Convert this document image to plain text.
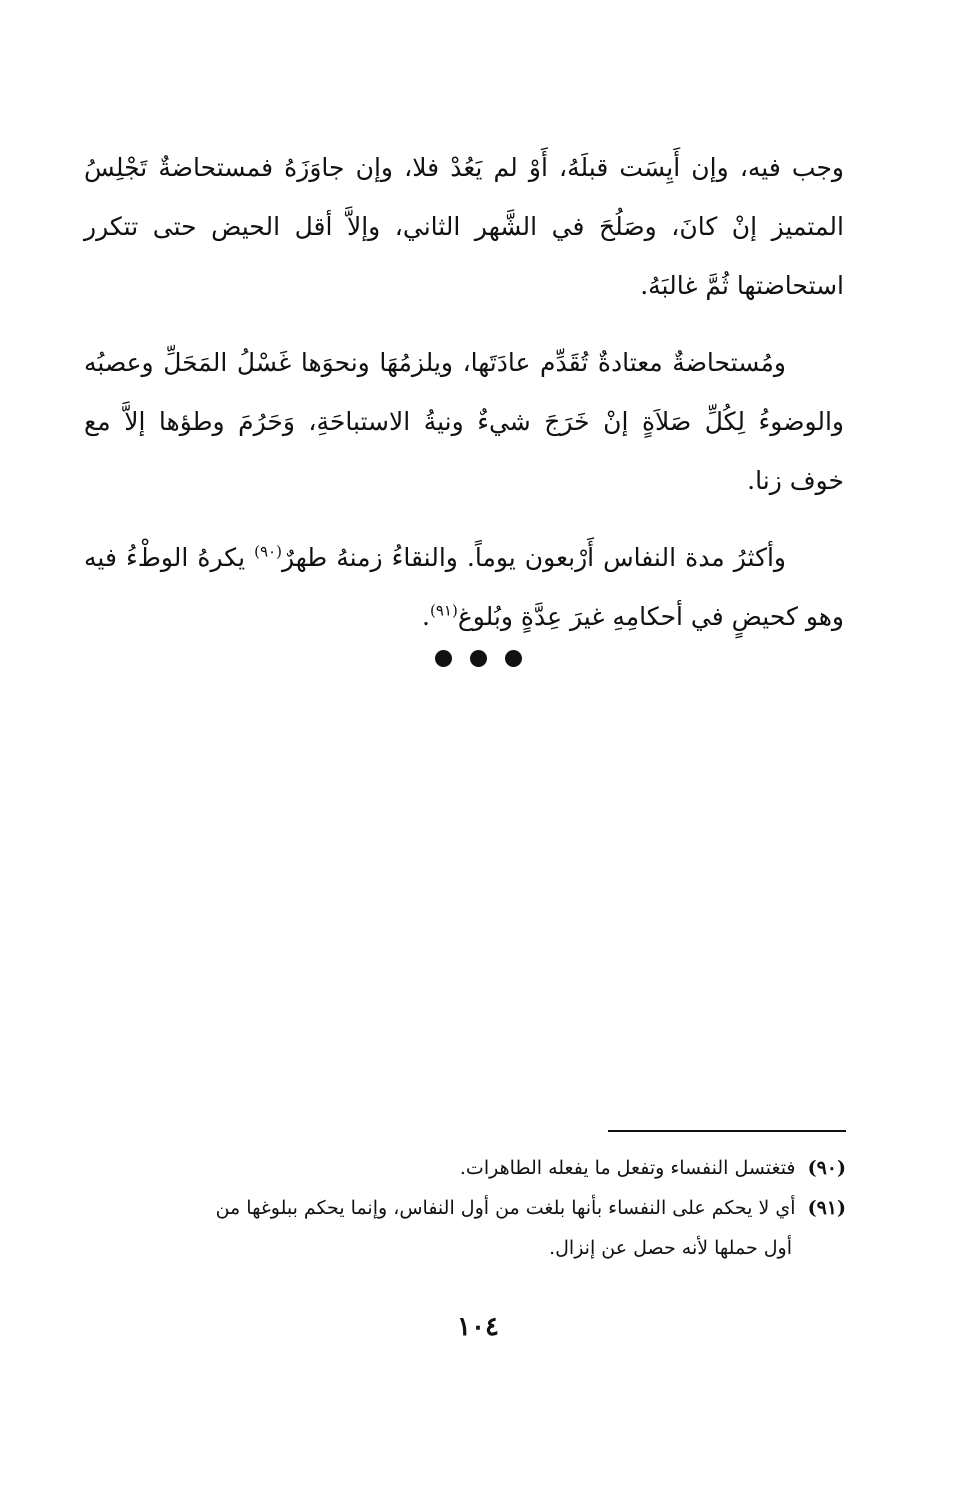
وجب فيه، وإن أَيِسَت قبلَهُ، أَوْ لم يَعُدْ فلا، وإن جاوَزَهُ فمستحاضةٌ تَجْلِسُ المتميز إنْ كانَ، وصَلُحَ في الشَّهر الثاني، وإلاَّ أقل الحيض حتى تتكرر استحاضتها ثُمَّ غالبَهُ.

ومُستحاضةٌ معتادةٌ تُقَدِّم عادَتَها، ويلزمُهَا ونحوَها غَسْلُ المَحَلِّ وعصبُه والوضوءُ لِكُلِّ صَلاَةٍ إنْ خَرَجَ شيءٌ ونيةُ الاستباحَةِ، وَحَرُمَ وطؤها إلاَّ مع خوف زنا.

وأكثرُ مدة النفاس أَرْبعون يوماً. والنقاءُ زمنهُ طهرٌ$^{(٩٠)}$ يكرهُ الوطْءُ فيه وهو كحيضٍ في أحكامِهِ غيرَ عِدَّةٍ وبُلوغ$^{(٩١)}$.

(٩٠) فتغتسل النفساء وتفعل ما يفعله الطاهرات.

(٩١) أي لا يحكم على النفساء بأنها بلغت من أول النفاس، وإنما يحكم ببلوغها من

أول حملها لأنه حصل عن إنزال.

١٠٤
